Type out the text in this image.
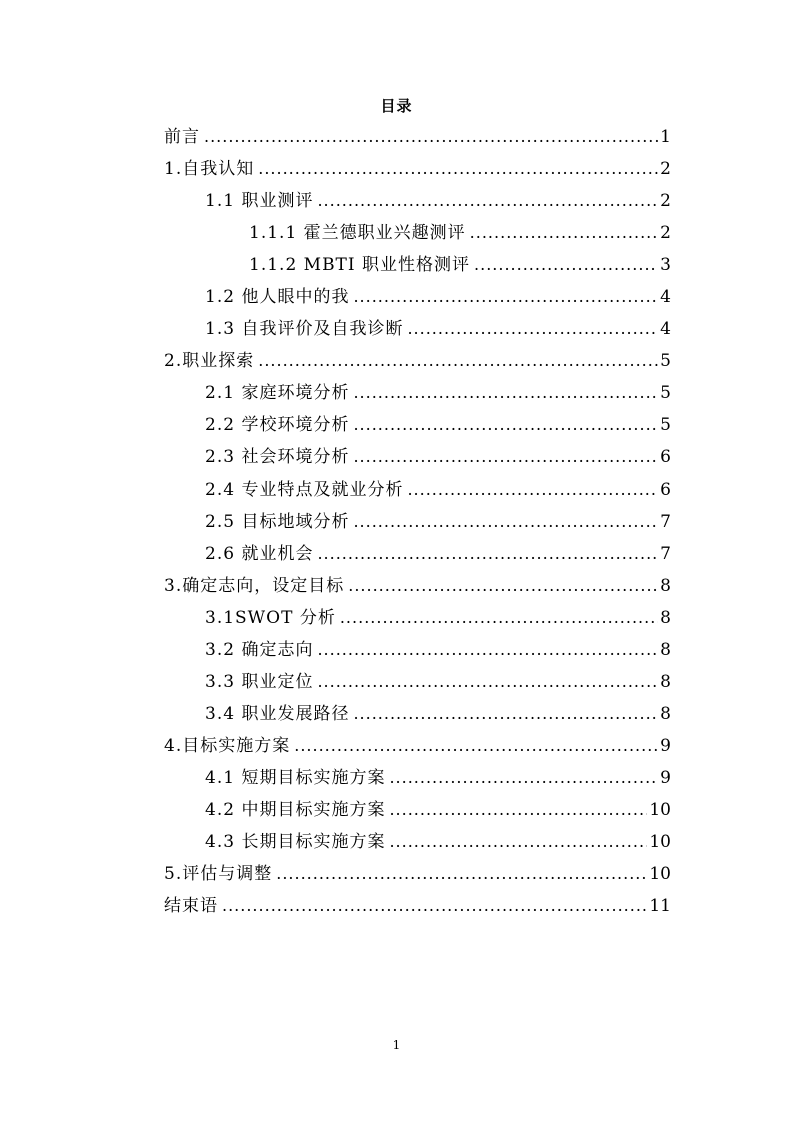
目录
前言 .....	1
1.自我认知 .....	2
1.1 职业测评 .....	2
1.1.1 霍兰德职业兴趣测评 .....	2
1.1.2 MBTI 职业性格测评 .....	3
1.2 他人眼中的我 .....	4
1.3 自我评价及自我诊断 .....	4
2.职业探索 .....	5
2.1 家庭环境分析 .....	5
2.2 学校环境分析 .....	5
2.3 社会环境分析 .....	6
2.4 专业特点及就业分析 .....	6
2.5 目标地域分析 .....	7
2.6 就业机会 .....	7
3.确定志向，设定目标 .....	8
3.1SWOT 分析 .....	8
3.2 确定志向 .....	8
3.3 职业定位 .....	8
3.4 职业发展路径 .....	8
4.目标实施方案 .....	9
4.1 短期目标实施方案 .....	9
4.2 中期目标实施方案 .....	10
4.3 长期目标实施方案 .....	10
5.评估与调整 .....	10
结束语 .....	11
1
